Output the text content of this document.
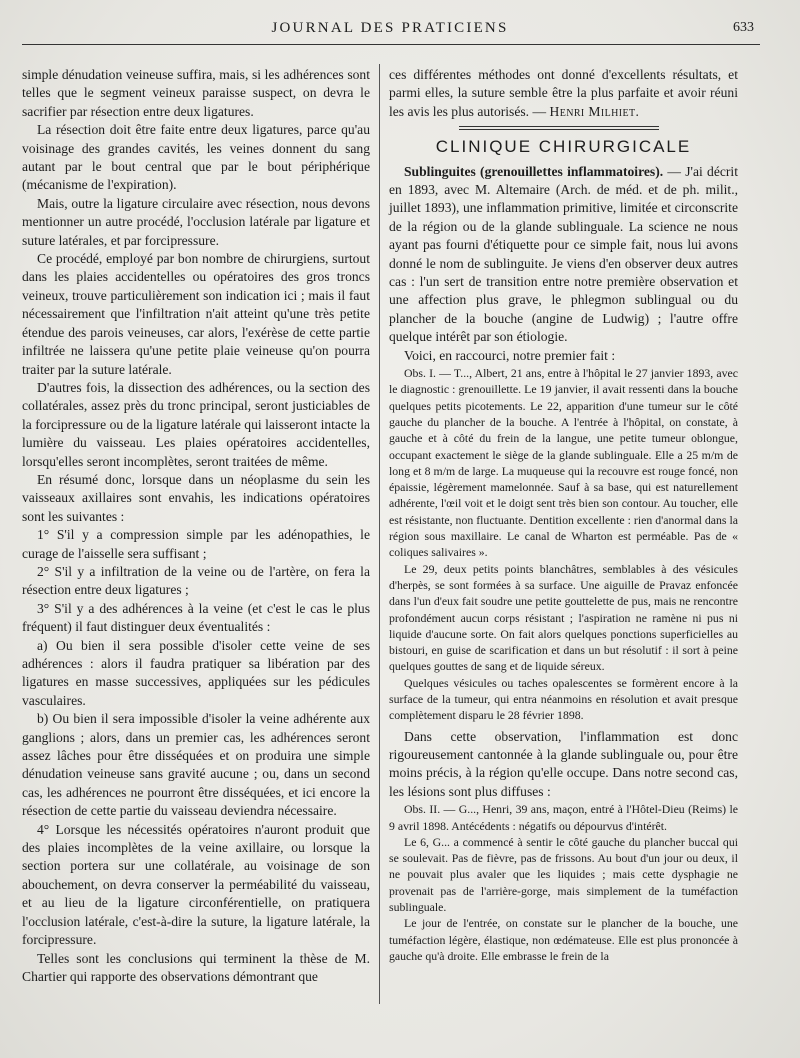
JOURNAL DES PRATICIENS	633

simple dénudation veineuse suffira, mais, si les adhérences sont telles que le segment veineux paraisse suspect, on devra le sacrifier par résection entre deux ligatures.

La résection doit être faite entre deux ligatures, parce qu'au voisinage des grandes cavités, les veines donnent du sang autant par le bout central que par le bout périphérique (mécanisme de l'expiration).

Mais, outre la ligature circulaire avec résection, nous devons mentionner un autre procédé, l'occlusion latérale par ligature et suture latérales, et par forcipressure.

Ce procédé, employé par bon nombre de chirurgiens, surtout dans les plaies accidentelles ou opératoires des gros troncs veineux, trouve particulièrement son indication ici ; mais il faut nécessairement que l'infiltration n'ait atteint qu'une très petite étendue des parois veineuses, car alors, l'exérèse de cette partie infiltrée ne laissera qu'une petite plaie veineuse qu'on pourra traiter par la suture latérale.

D'autres fois, la dissection des adhérences, ou la section des collatérales, assez près du tronc principal, seront justiciables de la forcipressure ou de la ligature latérale qui laisseront intacte la lumière du vaisseau. Les plaies opératoires accidentelles, lorsqu'elles seront incomplètes, seront traitées de même.

En résumé donc, lorsque dans un néoplasme du sein les vaisseaux axillaires sont envahis, les indications opératoires sont les suivantes :

1° S'il y a compression simple par les adénopathies, le curage de l'aisselle sera suffisant ;

2° S'il y a infiltration de la veine ou de l'artère, on fera la résection entre deux ligatures ;

3° S'il y a des adhérences à la veine (et c'est le cas le plus fréquent) il faut distinguer deux éventualités :

a) Ou bien il sera possible d'isoler cette veine de ses adhérences : alors il faudra pratiquer sa libération par des ligatures en masse successives, appliquées sur les pédicules vasculaires.

b) Ou bien il sera impossible d'isoler la veine adhérente aux ganglions ; alors, dans un premier cas, les adhérences seront assez lâches pour être disséquées et on produira une simple dénudation veineuse sans gravité aucune ; ou, dans un second cas, les adhérences ne pourront être disséquées, et ici encore la résection de cette partie du vaisseau deviendra nécessaire.

4° Lorsque les nécessités opératoires n'auront produit que des plaies incomplètes de la veine axillaire, ou lorsque la section portera sur une collatérale, au voisinage de son abouchement, on devra conserver la perméabilité du vaisseau, et au lieu de la ligature circonférentielle, on pratiquera l'occlusion latérale, c'est-à-dire la suture, la ligature latérale, la forcipressure.

Telles sont les conclusions qui terminent la thèse de M. Chartier qui rapporte des observations démontrant que

ces différentes méthodes ont donné d'excellents résultats, et parmi elles, la suture semble être la plus parfaite et avoir réuni les avis les plus autorisés. — Henri Milhiet.

CLINIQUE CHIRURGICALE

Sublinguites (grenouillettes inflammatoires). — J'ai décrit en 1893, avec M. Altemaire (Arch. de méd. et de ph. milit., juillet 1893), une inflammation primitive, limitée et circonscrite de la région ou de la glande sublinguale. La science ne nous ayant pas fourni d'étiquette pour ce simple fait, nous lui avons donné le nom de sublinguite. Je viens d'en observer deux autres cas : l'un sert de transition entre notre première observation et une affection plus grave, le phlegmon sublingual ou du plancher de la bouche (angine de Ludwig) ; l'autre offre quelque intérêt par son étiologie.

Voici, en raccourci, notre premier fait :

Obs. I. — T..., Albert, 21 ans, entre à l'hôpital le 27 janvier 1893, avec le diagnostic : grenouillette. Le 19 janvier, il avait ressenti dans la bouche quelques petits picotements. Le 22, apparition d'une tumeur sur le côté gauche du plancher de la bouche. A l'entrée à l'hôpital, on constate, à gauche et à côté du frein de la langue, une petite tumeur oblongue, occupant exactement le siège de la glande sublinguale. Elle a 25 m/m de long et 8 m/m de large. La muqueuse qui la recouvre est rouge foncé, non épaissie, légèrement mamelonnée. Sauf à sa base, qui est naturellement adhérente, l'œil voit et le doigt sent très bien son contour. Au toucher, elle est résistante, non fluctuante. Dentition excellente : rien d'anormal dans la région sous maxillaire. Le canal de Wharton est perméable. Pas de « coliques salivaires ».

Le 29, deux petits points blanchâtres, semblables à des vésicules d'herpès, se sont formées à sa surface. Une aiguille de Pravaz enfoncée dans l'un d'eux fait soudre une petite gouttelette de pus, mais ne rencontre profondément aucun corps résistant ; l'aspiration ne ramène ni pus ni liquide d'aucune sorte. On fait alors quelques ponctions superficielles au bistouri, en guise de scarification et dans un but résolutif : il sort à peine quelques gouttes de sang et de liquide séreux.

Quelques vésicules ou taches opalescentes se formèrent encore à la surface de la tumeur, qui entra néanmoins en résolution et avait presque complètement disparu le 28 février 1898.

Dans cette observation, l'inflammation est donc rigoureusement cantonnée à la glande sublinguale ou, pour être moins précis, à la région qu'elle occupe. Dans notre second cas, les lésions sont plus diffuses :

Obs. II. — G..., Henri, 39 ans, maçon, entré à l'Hôtel-Dieu (Reims) le 9 avril 1898. Antécédents : négatifs ou dépourvus d'intérêt.

Le 6, G... a commencé à sentir le côté gauche du plancher buccal qui se soulevait. Pas de fièvre, pas de frissons. Au bout d'un jour ou deux, il ne pouvait plus avaler que les liquides ; mais cette dysphagie ne provenait pas de l'arrière-gorge, mais simplement de la tuméfaction sublinguale.

Le jour de l'entrée, on constate sur le plancher de la bouche, une tuméfaction légère, élastique, non œdémateuse. Elle est plus prononcée à gauche qu'à droite. Elle embrasse le frein de la
